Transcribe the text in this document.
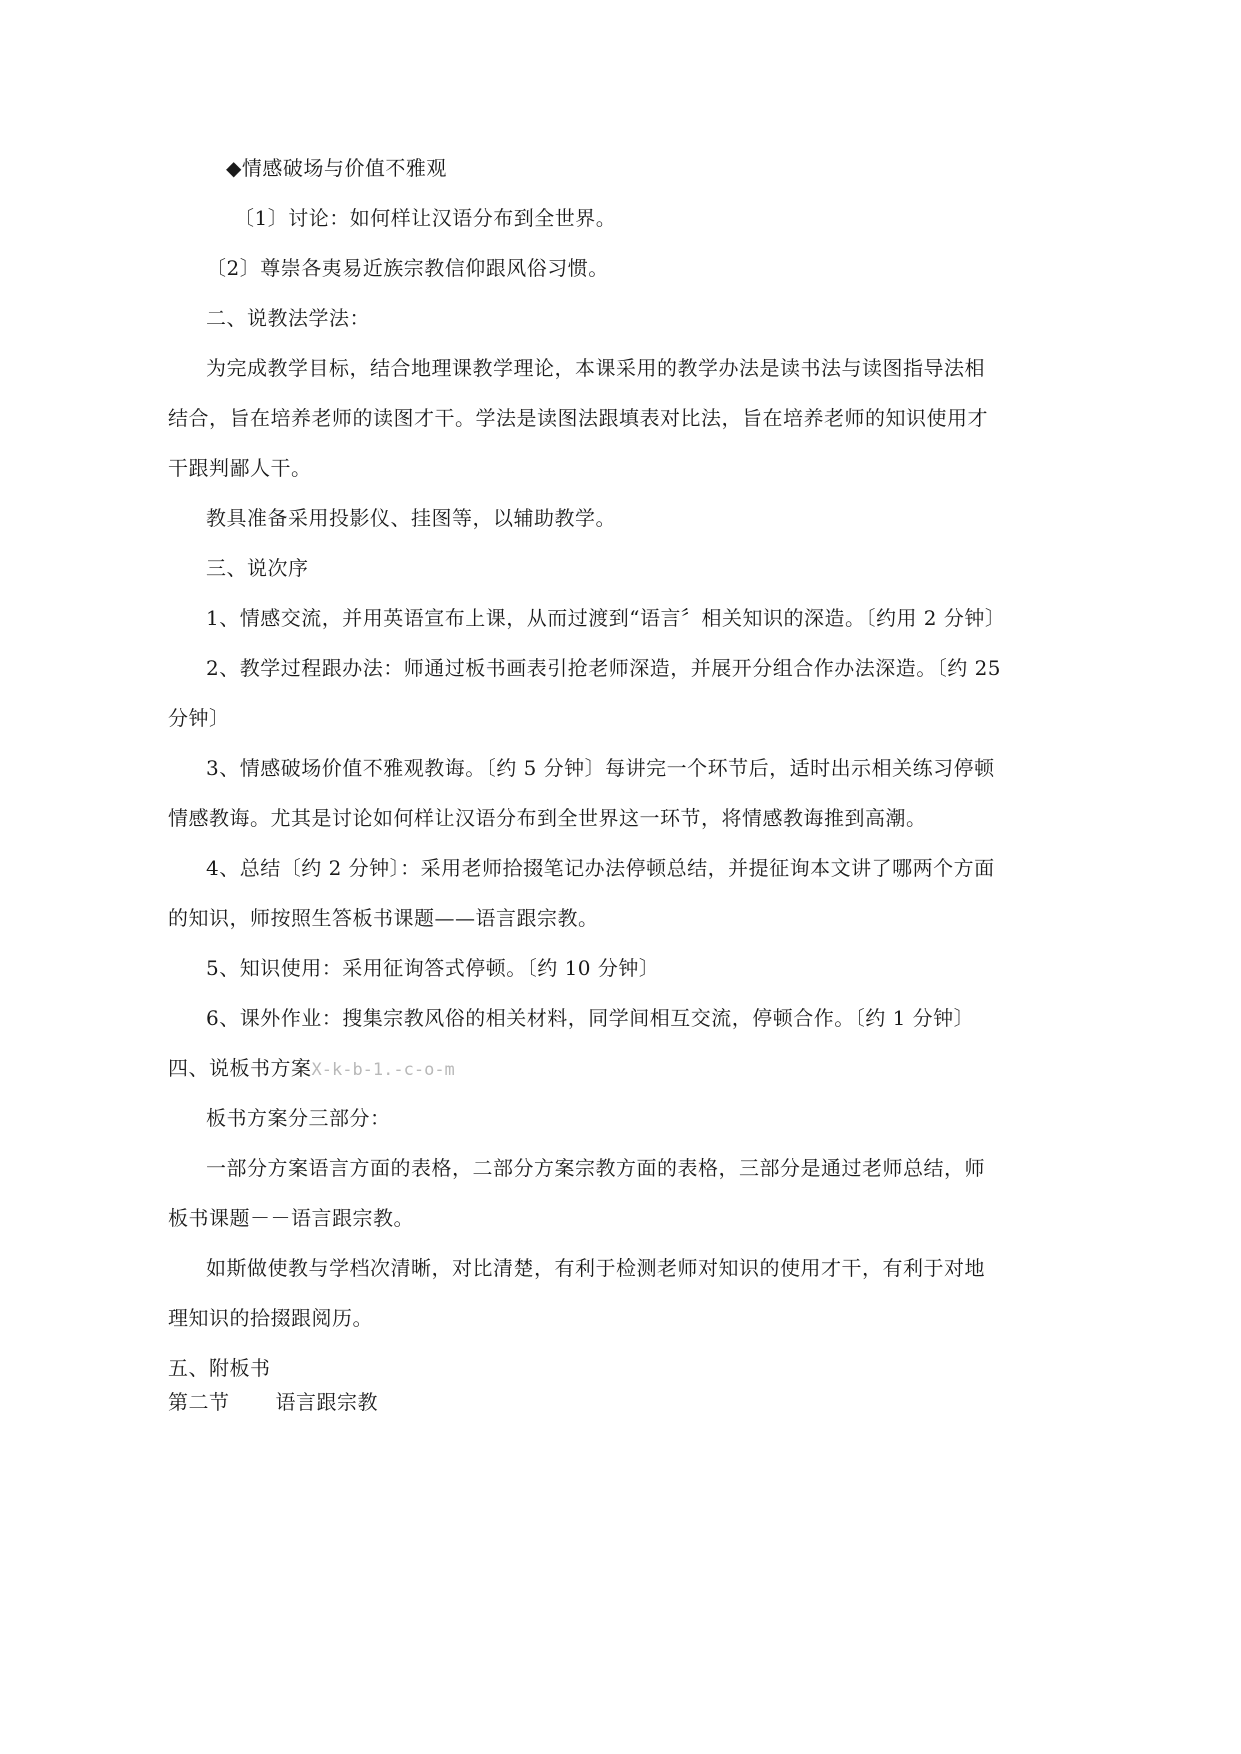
◆情感破场与价值不雅观
〔1〕讨论：如何样让汉语分布到全世界。
〔2〕尊崇各夷易近族宗教信仰跟风俗习惯。
二、说教法学法：
为完成教学目标，结合地理课教学理论，本课采用的教学办法是读书法与读图指导法相
结合，旨在培养老师的读图才干。学法是读图法跟填表对比法，旨在培养老师的知识使用才
干跟判鄙人干。
教具准备采用投影仪、挂图等，以辅助教学。
三、说次序
1、情感交流，并用英语宣布上课，从而过渡到“语言〞相关知识的深造。〔约用 2 分钟〕
2、教学过程跟办法：师通过板书画表引抢老师深造，并展开分组合作办法深造。〔约 25
分钟〕
3、情感破场价值不雅观教诲。〔约 5 分钟〕每讲完一个环节后，适时出示相关练习停顿
情感教诲。尤其是讨论如何样让汉语分布到全世界这一环节，将情感教诲推到高潮。
4、总结〔约 2 分钟〕：采用老师拾掇笔记办法停顿总结，并提征询本文讲了哪两个方面
的知识，师按照生答板书课题——语言跟宗教。
5、知识使用：采用征询答式停顿。〔约 10 分钟〕
6、课外作业：搜集宗教风俗的相关材料，同学间相互交流，停顿合作。〔约 1 分钟〕
四、说板书方案X-k-b-1.-c-o-m
板书方案分三部分：
一部分方案语言方面的表格，二部分方案宗教方面的表格，三部分是通过老师总结，师
板书课题－－语言跟宗教。
如斯做使教与学档次清晰，对比清楚，有利于检测老师对知识的使用才干，有利于对地
理知识的拾掇跟阅历。
五、附板书
第二节 语言跟宗教
